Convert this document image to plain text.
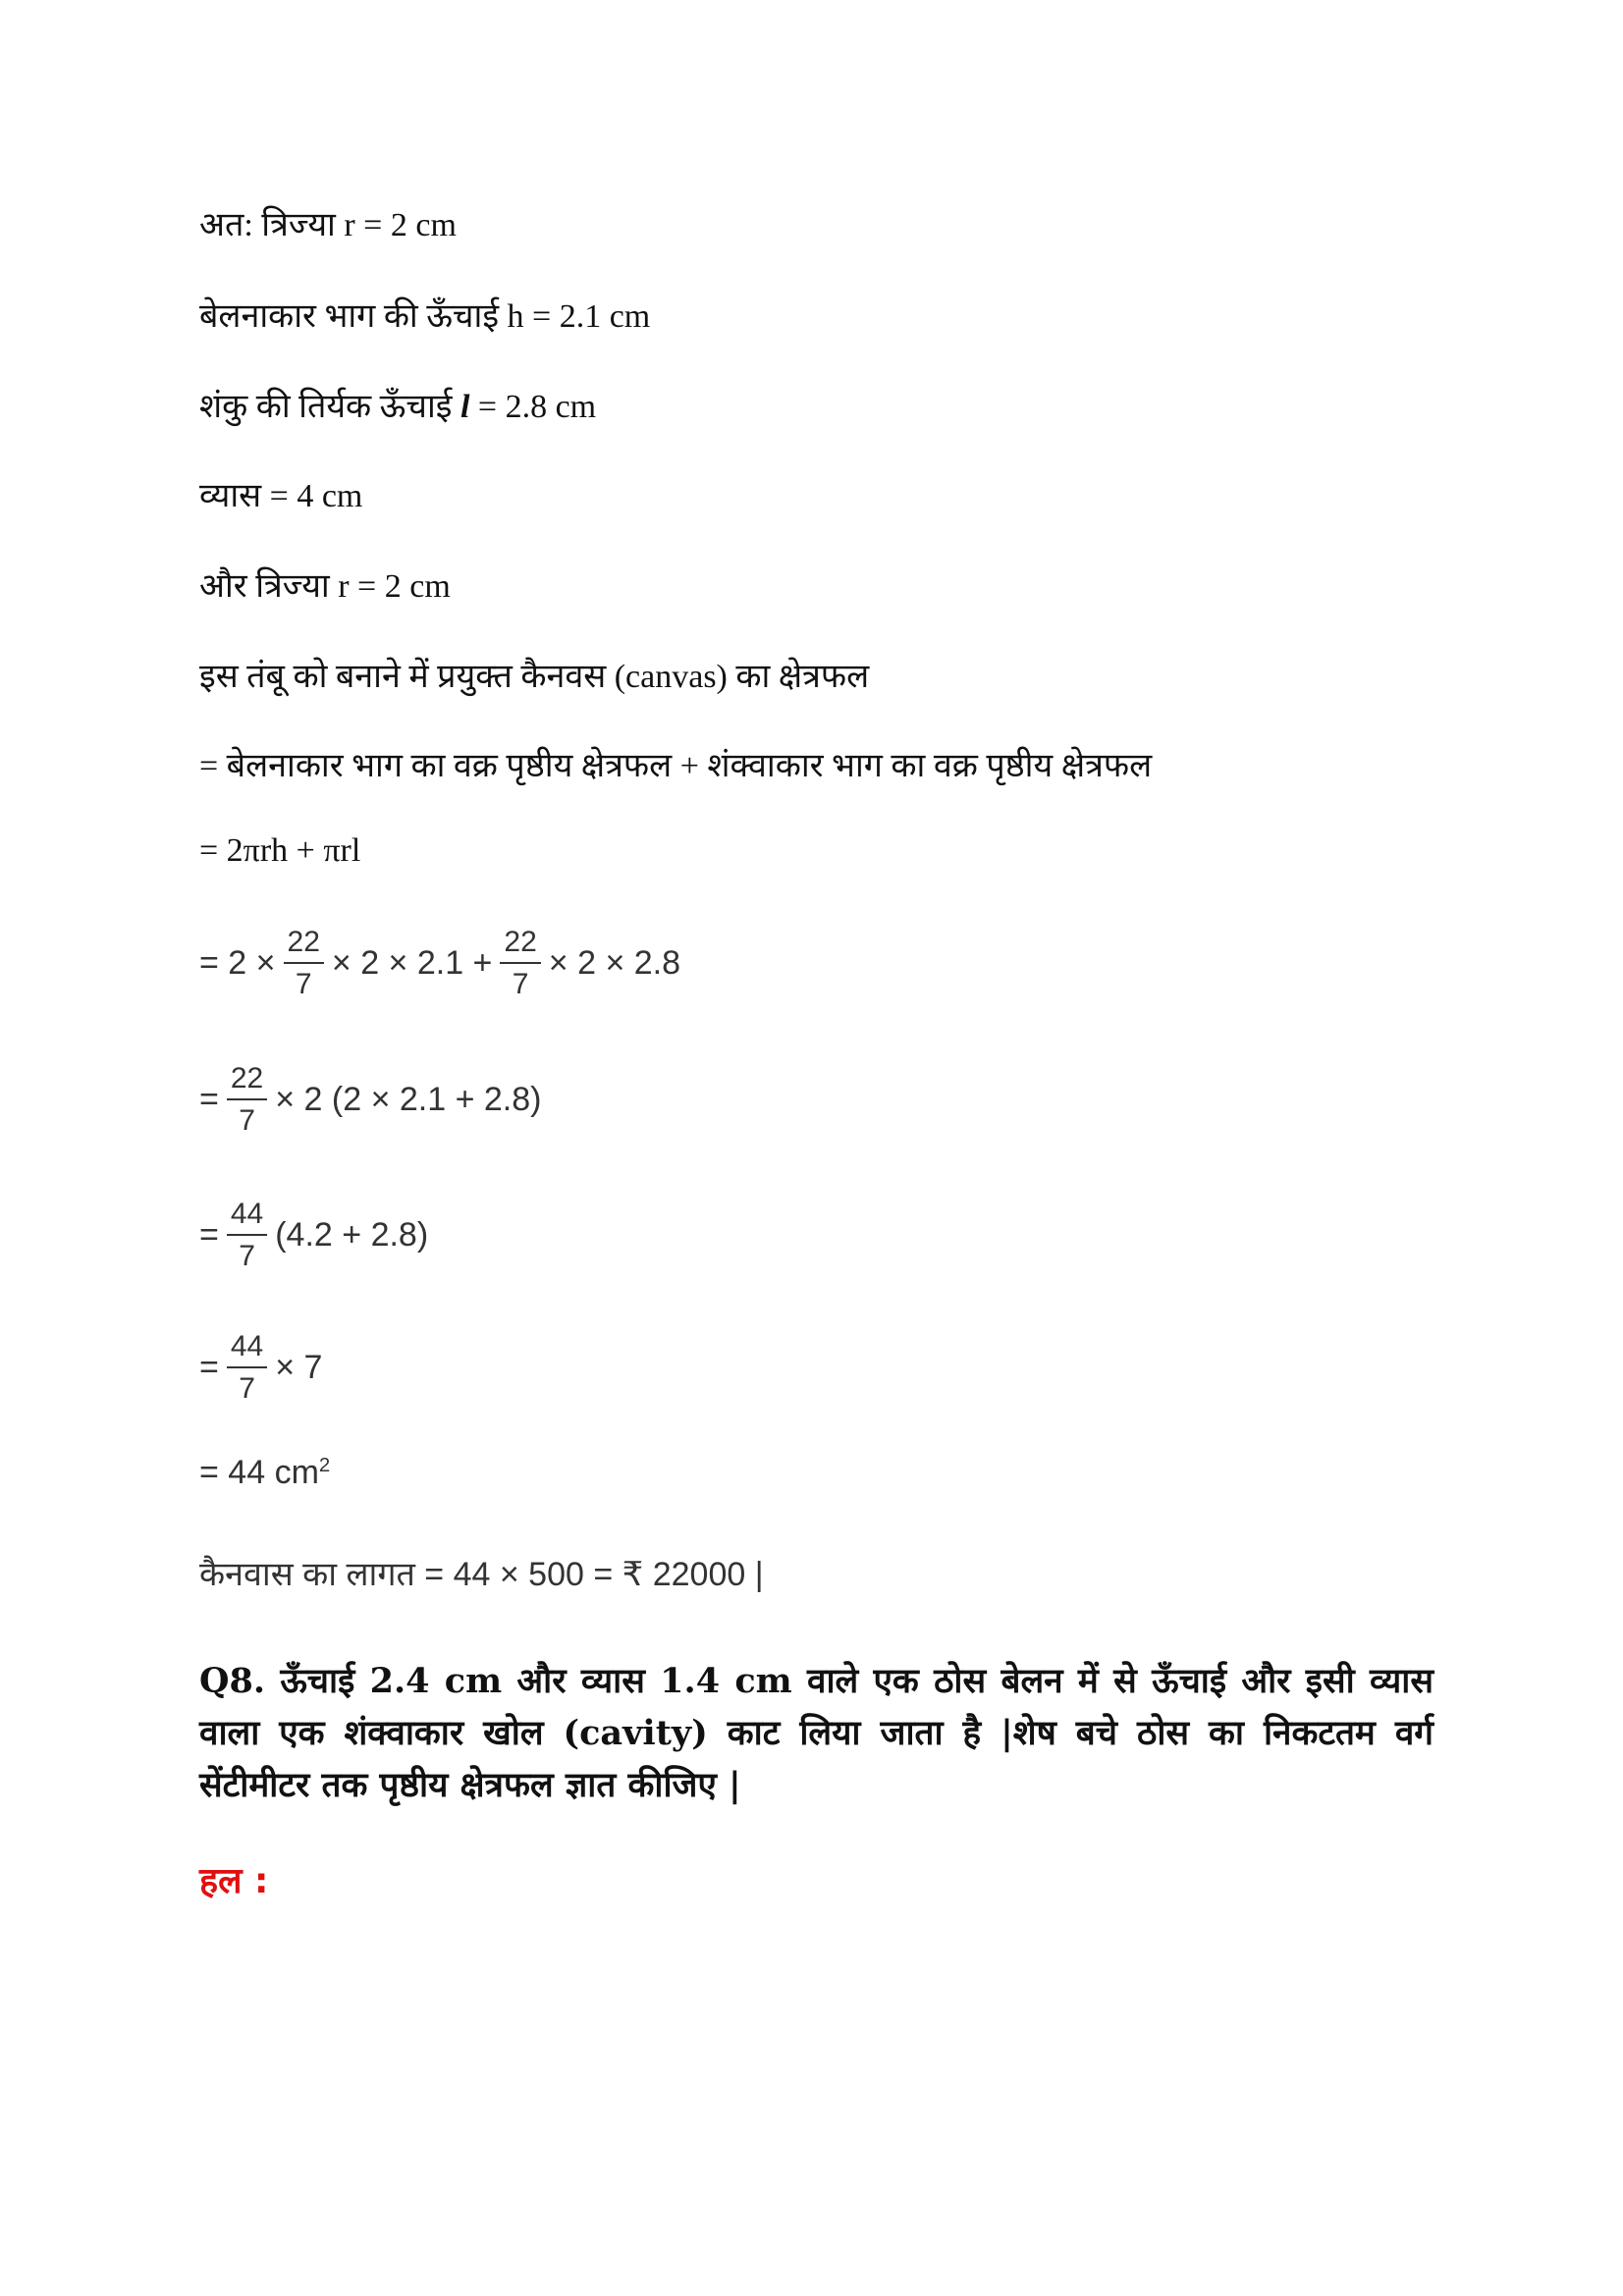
अत: त्रिज्या r = 2 cm
बेलनाकार भाग की ऊँचाई h = 2.1 cm
शंकु की तिर्यक ऊँचाई l = 2.8 cm
व्यास = 4 cm
और त्रिज्या r = 2 cm
इस तंबू को बनाने में प्रयुक्त कैनवस (canvas) का क्षेत्रफल
= बेलनाकार भाग का वक्र पृष्ठीय क्षेत्रफल + शंक्वाकार भाग का वक्र पृष्ठीय क्षेत्रफल
= 2πrh + πrl
= $2 \times \frac{22}{7} \times 2 \times 2.1 + \frac{22}{7} \times 2 \times 2.8$
= $\frac{22}{7} \times 2$ (2 × 2.1 + 2.8)
= $\frac{44}{7} (4.2 + 2.8)$
= $\frac{44}{7} \times 7$
= 44 $cm^2$
कैनवास का लागत = 44 × 500 = ₹ 22000 |
Q8. ऊँचाई 2.4 cm और व्यास 1.4 cm वाले एक ठोस बेलन में से ऊँचाई और इसी व्यास वाला एक शंक्वाकार खोल (cavity) काट लिया जाता है |शेष बचे ठोस का निकटतम वर्ग सेंटीमीटर तक पृष्ठीय क्षेत्रफल ज्ञात कीजिए |
हल :
